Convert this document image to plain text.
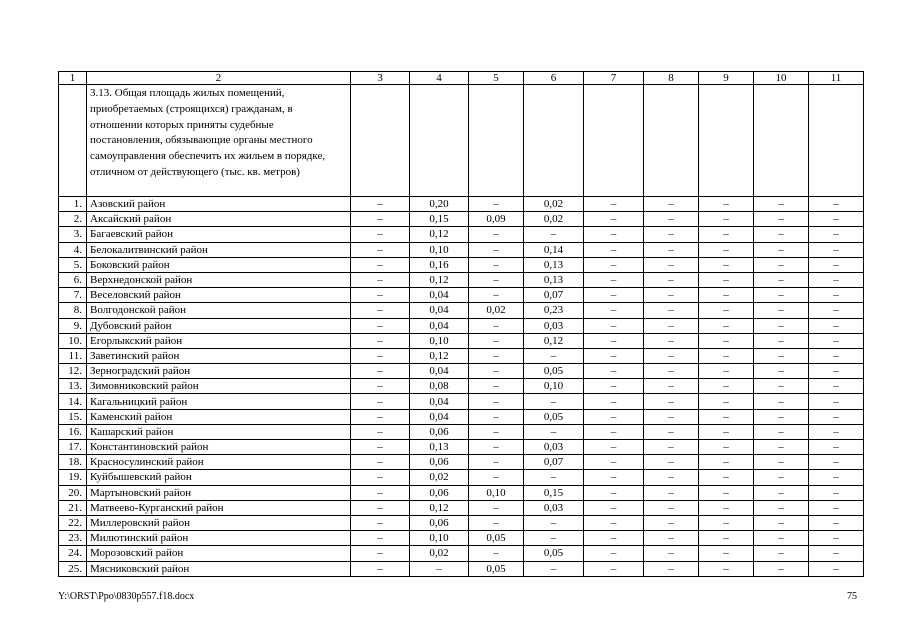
1	2	3	4	5	6	7	8	9	10	11
	3.13. Общая площадь жилых помещений, приобретаемых (строящихся) гражданам, в отношении которых приняты судебные постановления, обязывающие органы местного самоуправления обеспечить их жильем в порядке, отличном от действующего (тыс. кв. метров)									
1.	Азовский район	–	0,20	–	0,02	–	–	–	–	–
2.	Аксайский район	–	0,15	0,09	0,02	–	–	–	–	–
3.	Багаевский район	–	0,12	–	–	–	–	–	–	–
4.	Белокалитвинский район	–	0,10	–	0,14	–	–	–	–	–
5.	Боковский район	–	0,16	–	0,13	–	–	–	–	–
6.	Верхнедонской район	–	0,12	–	0,13	–	–	–	–	–
7.	Веселовский район	–	0,04	–	0,07	–	–	–	–	–
8.	Волгодонской район	–	0,04	0,02	0,23	–	–	–	–	–
9.	Дубовский район	–	0,04	–	0,03	–	–	–	–	–
10.	Егорлыкский район	–	0,10	–	0,12	–	–	–	–	–
11.	Заветинский район	–	0,12	–	–	–	–	–	–	–
12.	Зерноградский район	–	0,04	–	0,05	–	–	–	–	–
13.	Зимовниковский район	–	0,08	–	0,10	–	–	–	–	–
14.	Кагальницкий район	–	0,04	–	–	–	–	–	–	–
15.	Каменский район	–	0,04	–	0,05	–	–	–	–	–
16.	Кашарский район	–	0,06	–	–	–	–	–	–	–
17.	Константиновский район	–	0,13	–	0,03	–	–	–	–	–
18.	Красносулинский район	–	0,06	–	0,07	–	–	–	–	–
19.	Куйбышевский район	–	0,02	–	–	–	–	–	–	–
20.	Мартыновский район	–	0,06	0,10	0,15	–	–	–	–	–
21.	Матвеево-Курганский район	–	0,12	–	0,03	–	–	–	–	–
22.	Миллеровский район	–	0,06	–	–	–	–	–	–	–
23.	Милютинский район	–	0,10	0,05	–	–	–	–	–	–
24.	Морозовский район	–	0,02	–	0,05	–	–	–	–	–
25.	Мясниковский район	–	–	0,05	–	–	–	–	–	–
Y:\ORST\Ppo\0830p557.f18.docx	75
